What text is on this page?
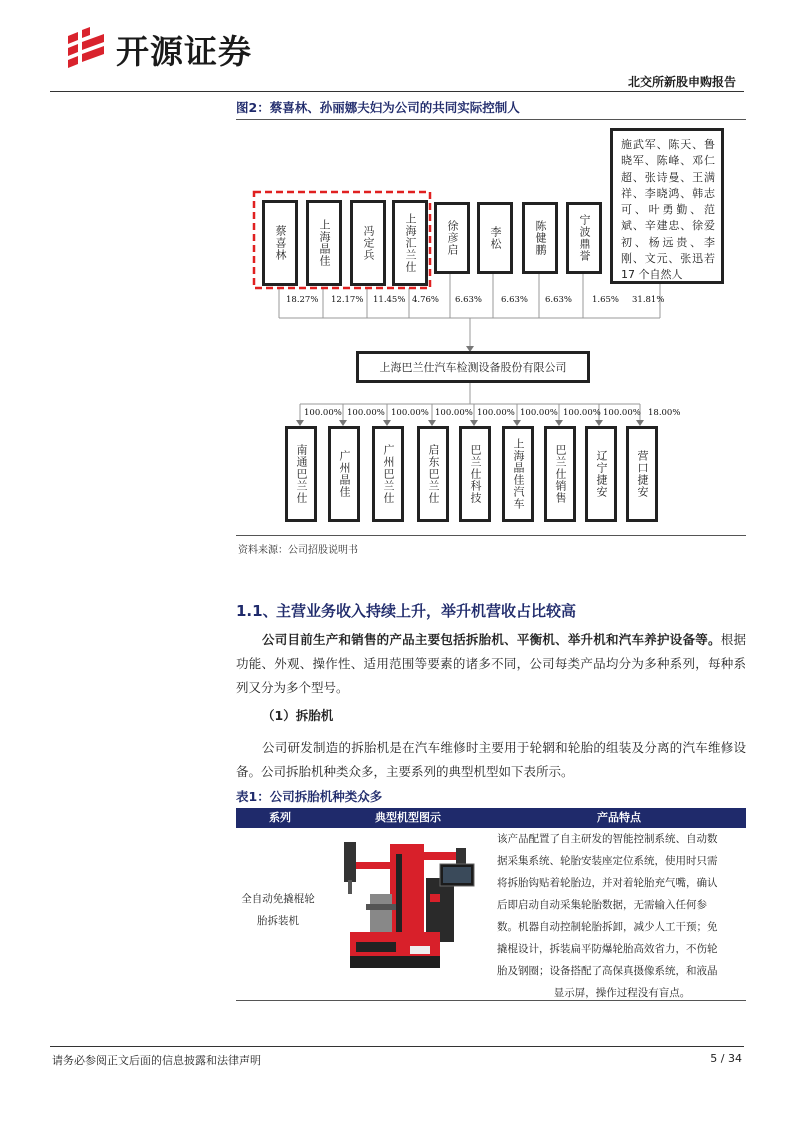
开源证券
北交所新股申购报告
图2：蔡喜林、孙丽娜夫妇为公司的共同实际控制人
蔡喜林	上海晶佳	冯定兵	上海汇兰仕	徐彦启	李松	陈健鹏	宁波鼎誉
施武军、陈天、鲁晓军、陈峰、邓仁超、张诗曼、王满祥、李晓鸿、韩志可、叶勇勤、范斌、辛建忠、徐爱初、杨远贵、李刚、文元、张迅若 17 个自然人
18.27% 12.17% 11.45% 4.76% 6.63% 6.63% 6.63% 1.65% 31.81%
上海巴兰仕汽车检测设备股份有限公司
100.00% 100.00% 100.00% 100.00% 100.00% 100.00% 100.00% 100.00% 18.00%
南通巴兰仕	广州晶佳	广州巴兰仕	启东巴兰仕	巴兰仕科技	上海晶佳汽车	巴兰仕销售	辽宁捷安	营口捷安
资料来源：公司招股说明书
1.1、
主营业务收入持续上升，举升机营收占比较高
公司目前生产和销售的产品主要包括拆胎机、平衡机、举升机和汽车养护设备等。根据功能、外观、操作性、适用范围等要素的诸多不同，公司每类产品均分为多种系列，每种系列又分为多个型号。
（1）拆胎机
公司研发制造的拆胎机是在汽车维修时主要用于轮辋和轮胎的组装及分离的汽车维修设备。公司拆胎机种类众多，主要系列的典型机型如下表所示。
表1：公司拆胎机种类众多
系列	典型机型图示	产品特点
全自动免撬棍轮胎拆装机
该产品配置了自主研发的智能控制系统、自动数
据采集系统、轮胎安装座定位系统，使用时只需
将拆胎钩贴着轮胎边，并对着轮胎充气嘴，确认
后即启动自动采集轮胎数据，无需输入任何参
数。机器自动控制轮胎拆卸，减少人工干预；免
撬棍设计，拆装扁平防爆轮胎高效省力，不伤轮
胎及钢圈；设备搭配了高保真摄像系统，和液晶
显示屏，操作过程没有盲点。
请务必参阅正文后面的信息披露和法律声明	5 / 34
